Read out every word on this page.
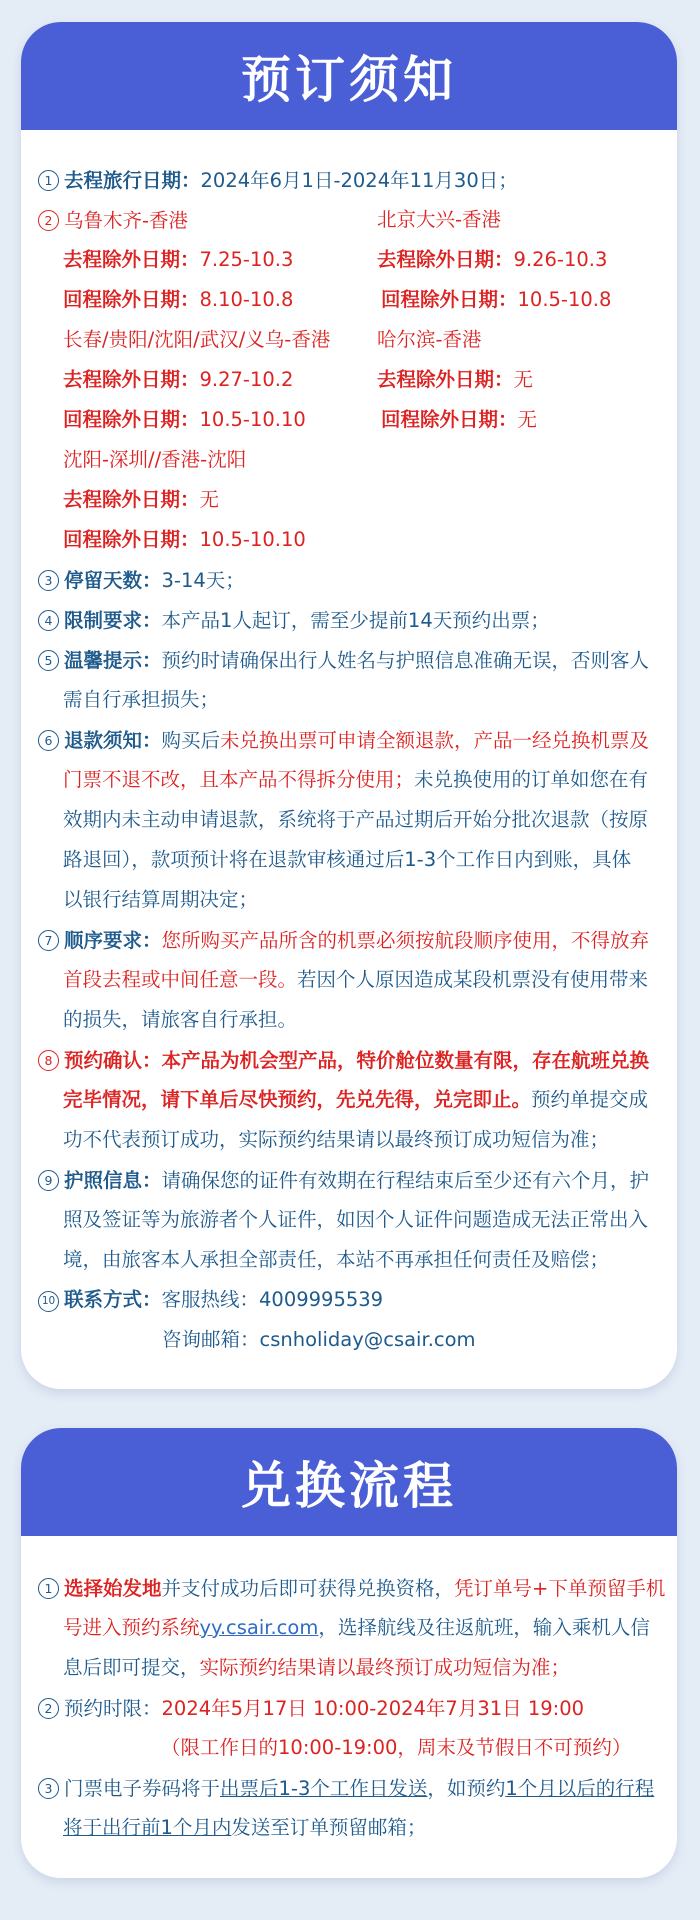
预订须知
1 去程旅行日期：2024年6月1日-2024年11月30日；
2 乌鲁木齐-香港	北京大兴-香港
去程除外日期：7.25-10.3	去程除外日期：9.26-10.3
回程除外日期：8.10-10.8	回程除外日期：10.5-10.8
长春/贵阳/沈阳/武汉/义乌-香港 哈尔滨-香港
去程除外日期：9.27-10.2	去程除外日期：无
回程除外日期：10.5-10.10	回程除外日期：无
沈阳-深圳//香港-沈阳
去程除外日期：无
回程除外日期：10.5-10.10
3 停留天数：3-14天；
4 限制要求：本产品1人起订，需至少提前14天预约出票；
5 温馨提示：预约时请确保出行人姓名与护照信息准确无误，否则客人
需自行承担损失；
6 退款须知：购买后未兑换出票可申请全额退款，产品一经兑换机票及
门票不退不改，且本产品不得拆分使用；未兑换使用的订单如您在有
效期内未主动申请退款，系统将于产品过期后开始分批次退款（按原
路退回），款项预计将在退款审核通过后1-3个工作日内到账，具体
以银行结算周期决定；
7 顺序要求：您所购买产品所含的机票必须按航段顺序使用，不得放弃
首段去程或中间任意一段。若因个人原因造成某段机票没有使用带来
的损失，请旅客自行承担。
8 预约确认：本产品为机会型产品，特价舱位数量有限，存在航班兑换
完毕情况，请下单后尽快预约，先兑先得，兑完即止。预约单提交成
功不代表预订成功，实际预约结果请以最终预订成功短信为准；
9 护照信息：请确保您的证件有效期在行程结束后至少还有六个月，护
照及签证等为旅游者个人证件，如因个人证件问题造成无法正常出入
境，由旅客本人承担全部责任，本站不再承担任何责任及赔偿；
10 联系方式：客服热线：4009995539
咨询邮箱：csnholiday@csair.com
兑换流程
1 选择始发地并支付成功后即可获得兑换资格，凭订单号+下单预留手机
号进入预约系统yy.csair.com，选择航线及往返航班，输入乘机人信
息后即可提交，实际预约结果请以最终预订成功短信为准；
2 预约时限：2024年5月17日 10:00-2024年7月31日 19:00
（限工作日的10:00-19:00，周末及节假日不可预约）
3 门票电子券码将于出票后1-3个工作日发送，如预约1个月以后的行程
将于出行前1个月内发送至订单预留邮箱；
